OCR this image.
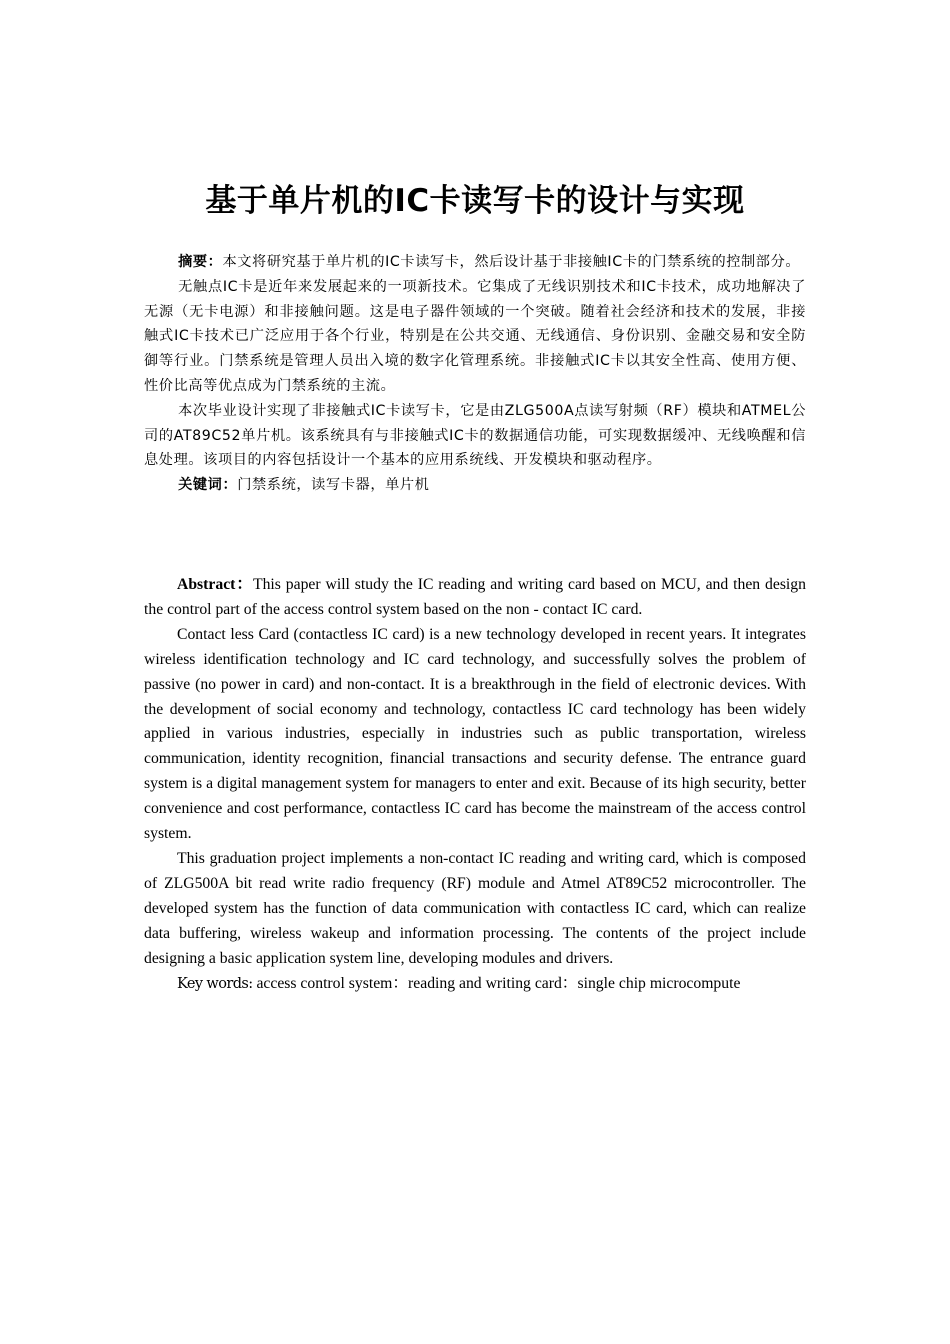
基于单片机的IC卡读写卡的设计与实现

摘要：本文将研究基于单片机的IC卡读写卡，然后设计基于非接触IC卡的门禁系统的控制部分。

无触点IC卡是近年来发展起来的一项新技术。它集成了无线识别技术和IC卡技术，成功地解决了无源（无卡电源）和非接触问题。这是电子器件领域的一个突破。随着社会经济和技术的发展，非接触式IC卡技术已广泛应用于各个行业，特别是在公共交通、无线通信、身份识别、金融交易和安全防御等行业。门禁系统是管理人员出入境的数字化管理系统。非接触式IC卡以其安全性高、使用方便、性价比高等优点成为门禁系统的主流。

本次毕业设计实现了非接触式IC卡读写卡，它是由ZLG500A点读写射频（RF）模块和ATMEL公司的AT89C52单片机。该系统具有与非接触式IC卡的数据通信功能，可实现数据缓冲、无线唤醒和信息处理。该项目的内容包括设计一个基本的应用系统线、开发模块和驱动程序。

关键词：门禁系统，读写卡器，单片机

Abstract：This paper will study the IC reading and writing card based on MCU, and then design the control part of the access control system based on the non - contact IC card.

Contact less Card (contactless IC card) is a new technology developed in recent years. It integrates wireless identification technology and IC card technology, and successfully solves the problem of passive (no power in card) and non-contact. It is a breakthrough in the field of electronic devices. With the development of social economy and technology, contactless IC card technology has been widely applied in various industries, especially in industries such as public transportation, wireless communication, identity recognition, financial transactions and security defense. The entrance guard system is a digital management system for managers to enter and exit. Because of its high security, better convenience and cost performance, contactless IC card has become the mainstream of the access control system.

This graduation project implements a non-contact IC reading and writing card, which is composed of ZLG500A bit read write radio frequency (RF) module and Atmel AT89C52 microcontroller. The developed system has the function of data communication with contactless IC card, which can realize data buffering, wireless wakeup and information processing. The contents of the project include designing a basic application system line, developing modules and drivers.

Key words: access control system：reading and writing card：single chip microcompute
